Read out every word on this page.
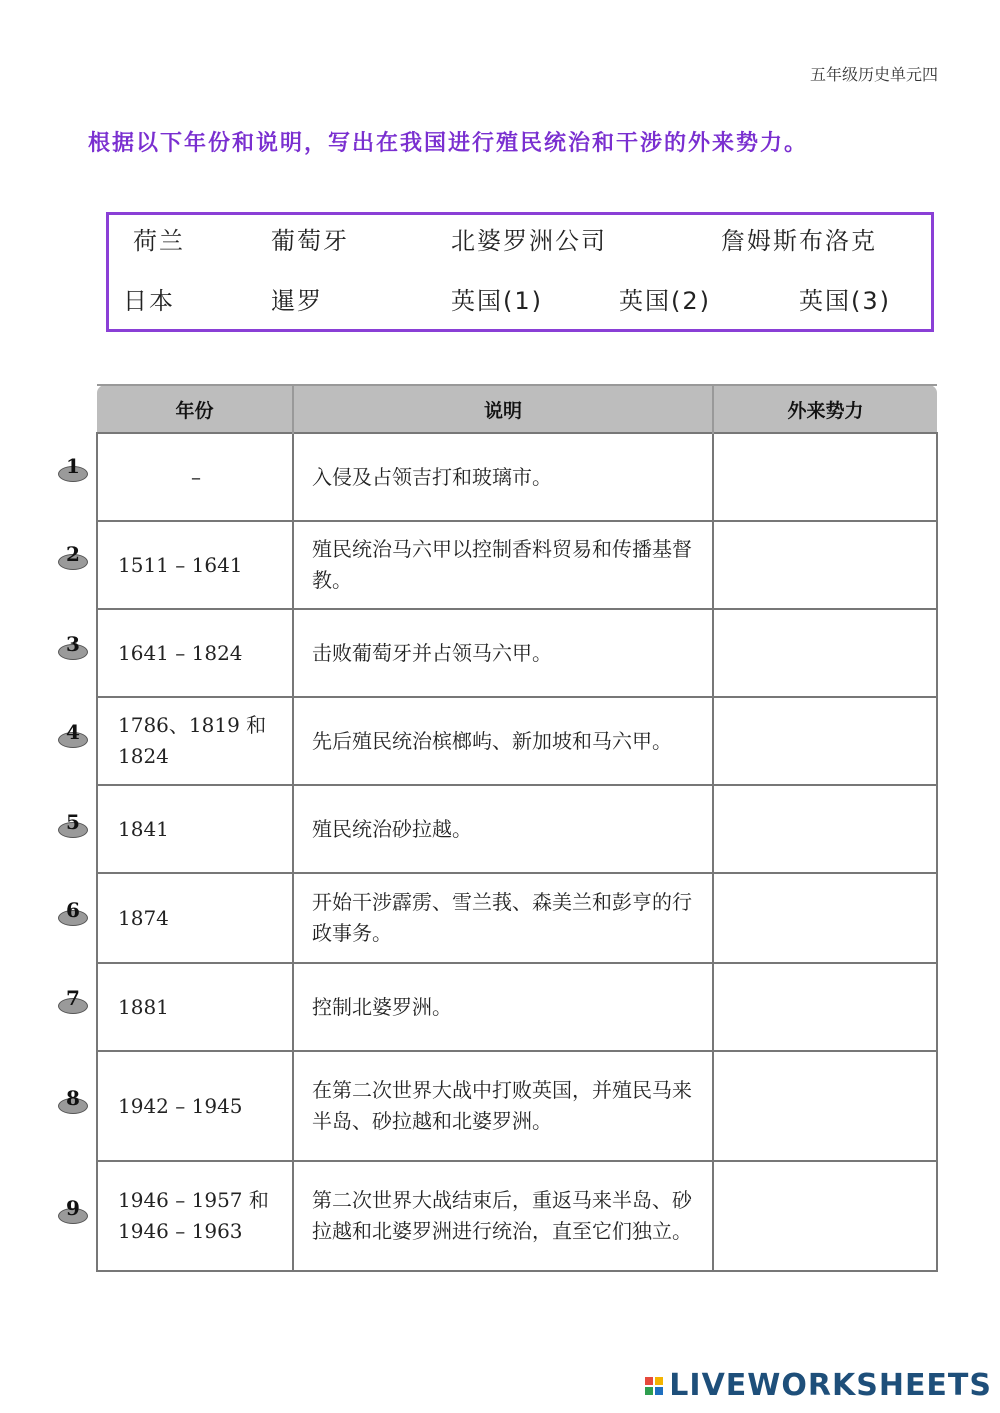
五年级历史单元四
根据以下年份和说明，写出在我国进行殖民统治和干涉的外来势力。
荷兰	葡萄牙	北婆罗洲公司	詹姆斯布洛克
日本	暹罗	英国(1)	英国(2)	英国(3)
1
2
3
4
5
6
7
8
9
年份	说明	外来势力
–	入侵及占领吉打和玻璃市。	
1511 – 1641	殖民统治马六甲以控制香料贸易和传播基督教。	
1641 – 1824	击败葡萄牙并占领马六甲。	
1786、1819 和 1824	先后殖民统治槟榔屿、新加坡和马六甲。	
1841	殖民统治砂拉越。	
1874	开始干涉霹雳、雪兰莪、森美兰和彭亨的行政事务。	
1881	控制北婆罗洲。	
1942 – 1945	在第二次世界大战中打败英国，并殖民马来半岛、砂拉越和北婆罗洲。	
1946 – 1957 和 1946 – 1963	第二次世界大战结束后，重返马来半岛、砂拉越和北婆罗洲进行统治，直至它们独立。	
LIVEWORKSHEETS
